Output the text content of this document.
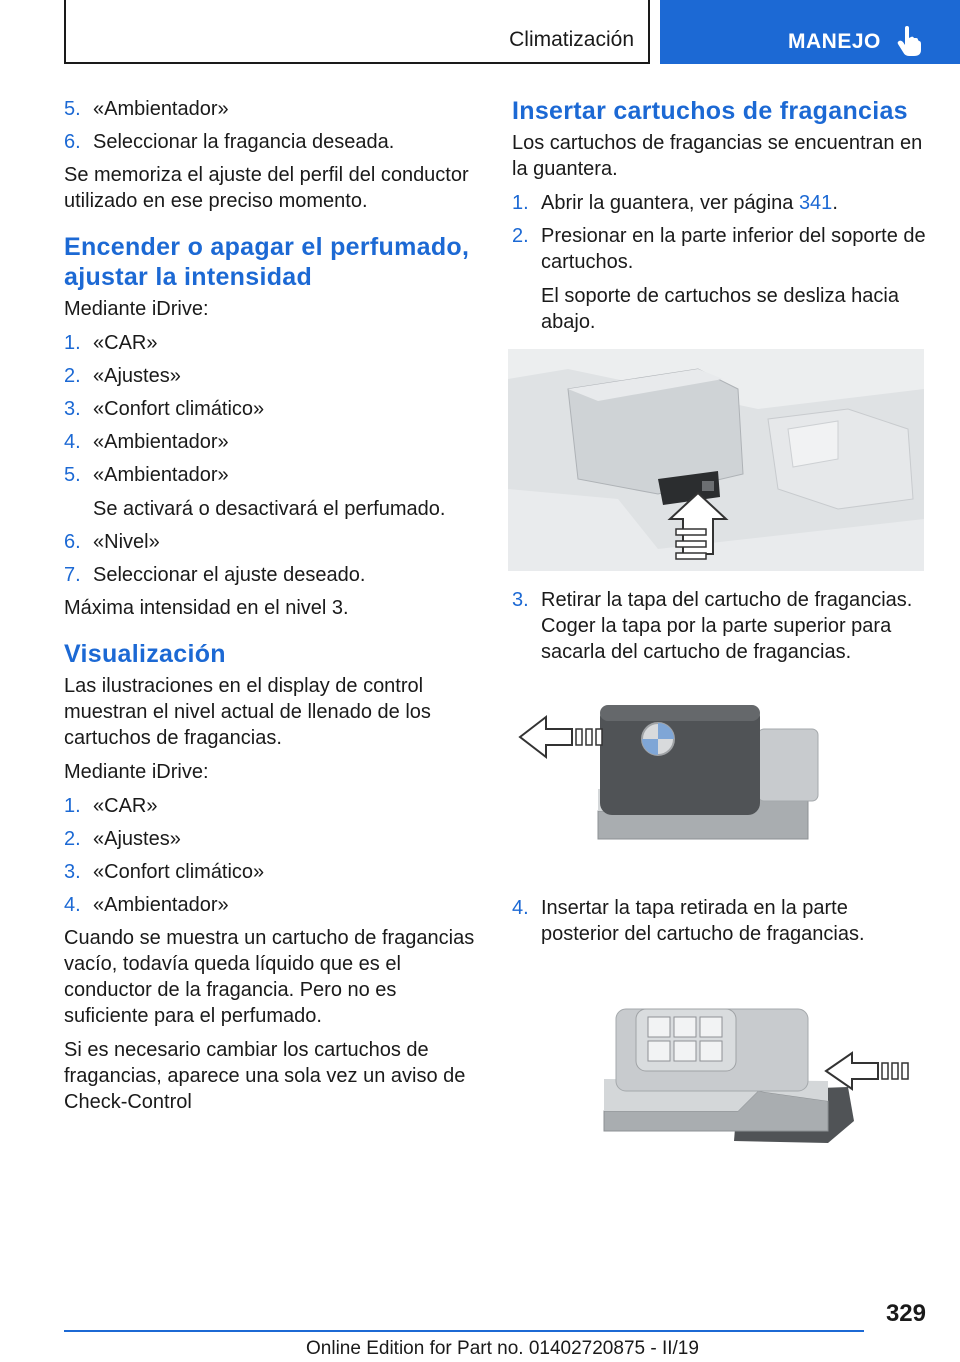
Climatización	MANEJO
5. «Ambientador»
6. Seleccionar la fragancia deseada.

Se memoriza el ajuste del perfil del conductor utilizado en ese preciso momento.

Encender o apagar el perfumado, ajustar la intensidad

Mediante iDrive:

1. «CAR»
2. «Ajustes»
3. «Confort climático»
4. «Ambientador»
5. «Ambientador»
Se activará o desactivará el perfumado.
6. «Nivel»
7. Seleccionar el ajuste deseado.

Máxima intensidad en el nivel 3.

Visualización

Las ilustraciones en el display de control muestran el nivel actual de llenado de los cartuchos de fragancias.

Mediante iDrive:

1. «CAR»
2. «Ajustes»
3. «Confort climático»
4. «Ambientador»

Cuando se muestra un cartucho de fragancias vacío, todavía queda líquido que es el conductor de la fragancia. Pero no es suficiente para el perfumado.

Si es necesario cambiar los cartuchos de fragancias, aparece una sola vez un aviso de Check-Control

Insertar cartuchos de fragancias

Los cartuchos de fragancias se encuentran en la guantera.

1. Abrir la guantera, ver página 341.
2. Presionar en la parte inferior del soporte de cartuchos.
El soporte de cartuchos se desliza hacia abajo.
3. Retirar la tapa del cartucho de fragancias. Coger la tapa por la parte superior para sacarla del cartucho de fragancias.
4. Insertar la tapa retirada en la parte posterior del cartucho de fragancias.
329
Online Edition for Part no. 01402720875 - II/19
